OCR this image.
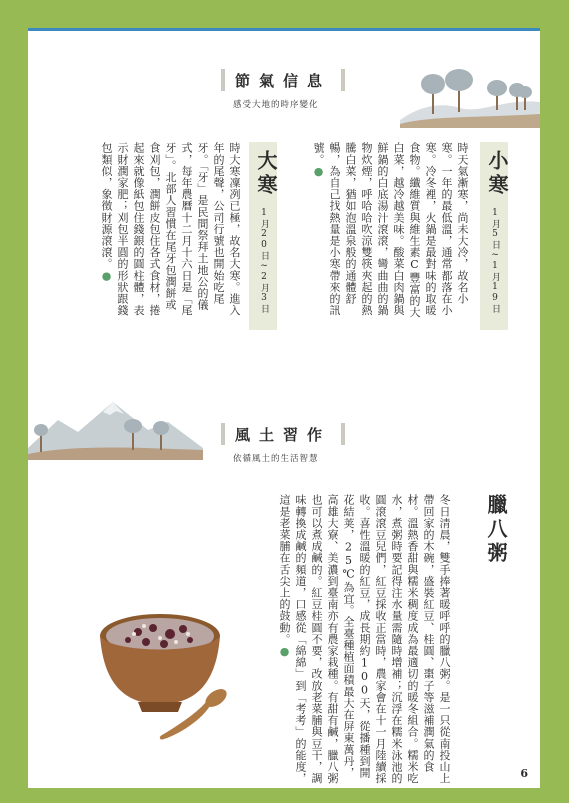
節氣信息
感受大地的時序變化
小寒
1月5日~1月19日
時天氣漸寒，尚未大冷，故名小寒。一年的最低溫，通常都落在小寒。冷冬裡，火鍋是最對味的取暖食物。纖維質與維生素C豐富的大白菜，越冷越美味。酸菜白肉鍋與鮮鍋的白底湯汁滾滾，彎曲曲的鍋物炊煙，呼哈哈吹涼雙筷夾起的熱騰白菜，猶如泡溫泉般的通體舒暢，為自己找熱量是小寒帶來的訊號。●
大寒
1月20日~2月3日
時大寒凜冽已極，故名大寒。進入年的尾聲，公司行號也開始吃尾牙。「牙」是民間祭拜土地公的儀式，每年農曆十二月十六日是「尾牙」。北部人習慣在尾牙包潤餅或食刈包，潤餅皮包住各式食材，捲起來就像紙包住錢銀的圓柱體，表示財潤家肥；刈包半圓的形狀跟錢包類似，象徵財源滾滾。●
風土習作
依循風土的生活智慧
臘八粥
冬日清晨，雙手捧著暖呼呼的臘八粥。是一只從南投山上帶回家的木碗，盛裝紅豆、桂圓、棗子等滋補潤氣的食材。溫熱香甜與糯米稠度成為最適切的暖冬組合。糯米吃水，煮粥時要記得注水量需隨時增補；沉浮在糯米泳池的圓滾滾豆兒們，紅豆採收正當時，農家會在十一月陸續採收。喜性溫暖的紅豆，成長期約100天，從播種到開花結荚，25℃為宜。全臺種植面積最大在屏東萬丹，高雄大寮、美濃到臺南亦有農家栽種。有甜有鹹，臘八粥也可以煮成鹹的。紅豆桂圓不要，改放老菜脯與豆干，調味轉換成鹹的頻道，口感從「綿綿」到「考考」的能度，這是老菜脯在舌尖上的鼓動。●
6
